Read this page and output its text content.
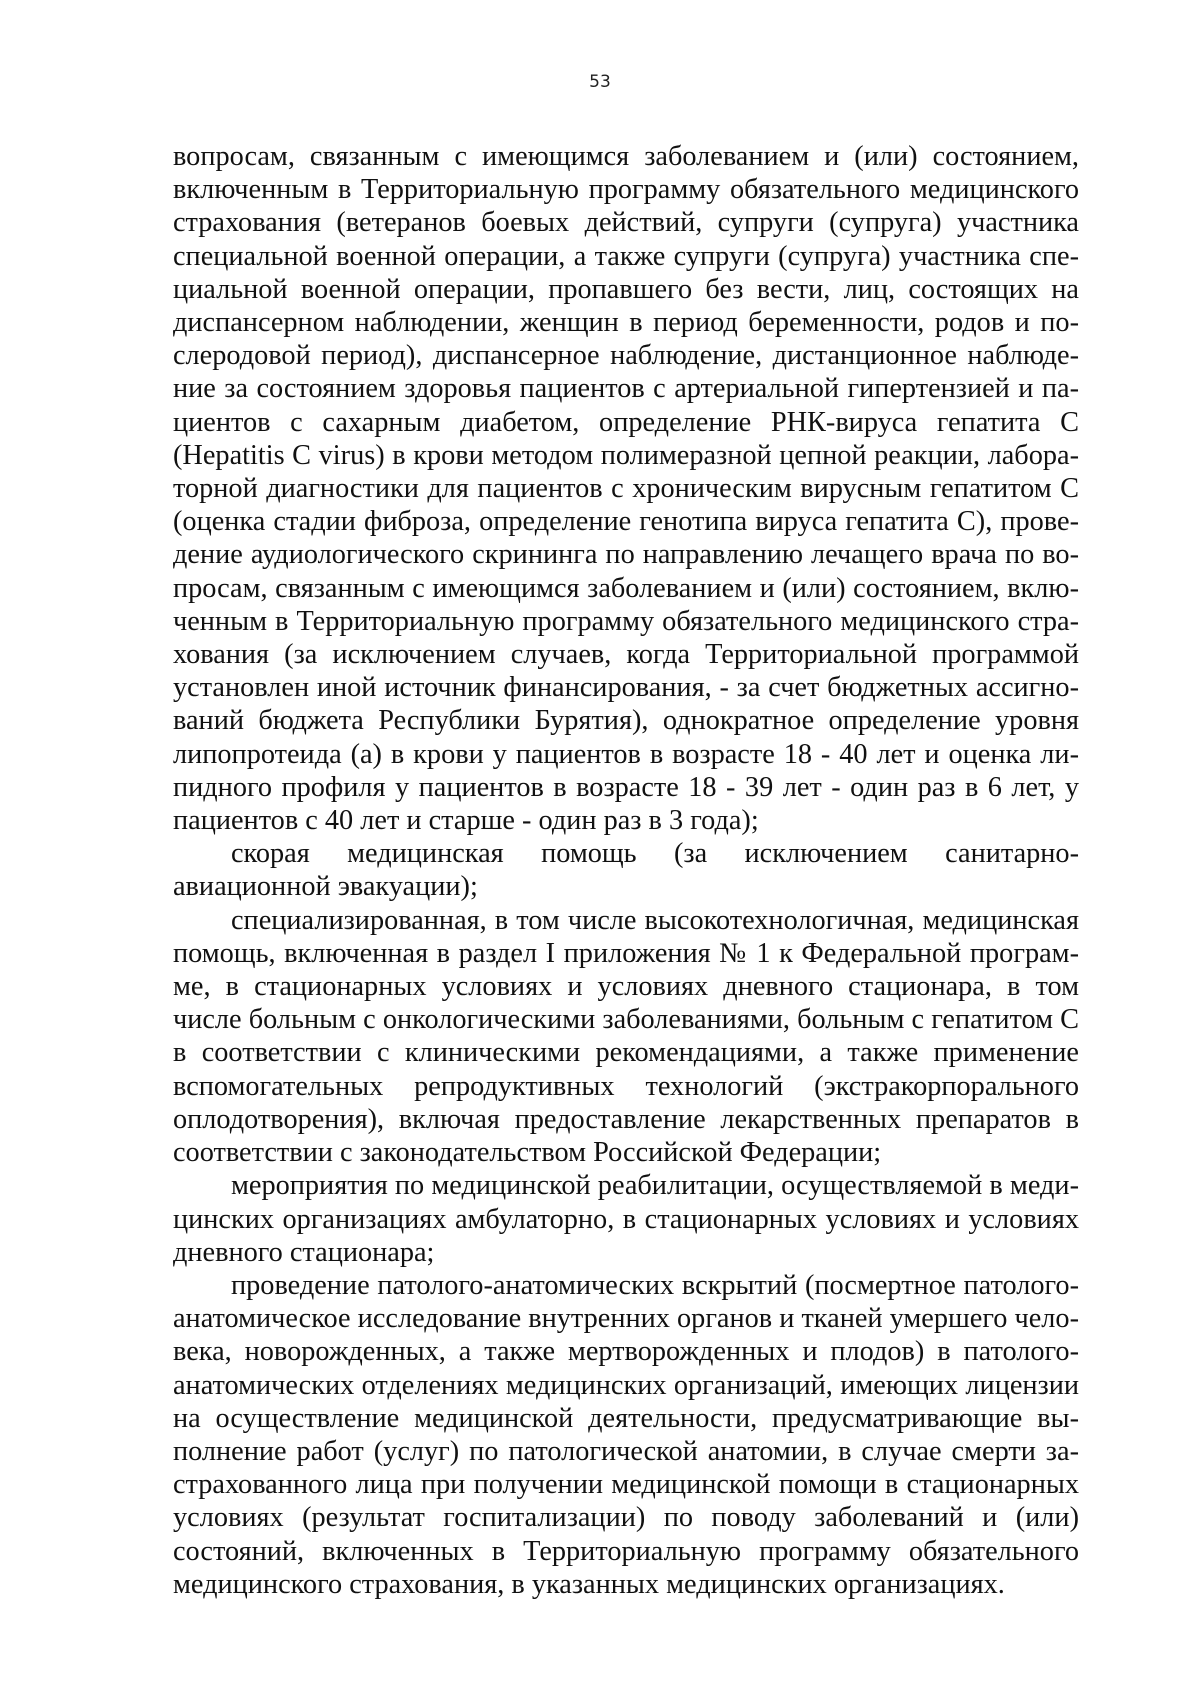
53

вопросам, связанным с имеющимся заболеванием и (или) состоянием, включенным в Территориальную программу обязательного медицинского страхования (ветеранов боевых действий, супруги (супруга) участника специальной военной операции, а также супруги (супруга) участника специальной военной операции, пропавшего без вести, лиц, состоящих на диспансерном наблюдении, женщин в период беременности, родов и послеродовой период), диспансерное наблюдение, дистанционное наблюдение за состоянием здоровья пациентов с артериальной гипертензией и пациентов с сахарным диабетом, определение РНК-вируса гепатита C (Hepatitis C virus) в крови методом полимеразной цепной реакции, лабораторной диагностики для пациентов с хроническим вирусным гепатитом C (оценка стадии фиброза, определение генотипа вируса гепатита C), проведение аудиологического скрининга по направлению лечащего врача по вопросам, связанным с имеющимся заболеванием и (или) состоянием, включенным в Территориальную программу обязательного медицинского страхования (за исключением случаев, когда Территориальной программой установлен иной источник финансирования, - за счет бюджетных ассигнований бюджета Республики Бурятия), однократное определение уровня липопротеида (а) в крови у пациентов в возрасте 18 - 40 лет и оценка липидного профиля у пациентов в возрасте 18 - 39 лет - один раз в 6 лет, у пациентов с 40 лет и старше - один раз в 3 года);

скорая медицинская помощь (за исключением санитарно-авиационной эвакуации);

специализированная, в том числе высокотехнологичная, медицинская помощь, включенная в раздел I приложения № 1 к Федеральной программе, в стационарных условиях и условиях дневного стационара, в том числе больным с онкологическими заболеваниями, больным с гепатитом C в соответствии с клиническими рекомендациями, а также применение вспомогательных репродуктивных технологий (экстракорпорального оплодотворения), включая предоставление лекарственных препаратов в соответствии с законодательством Российской Федерации;

мероприятия по медицинской реабилитации, осуществляемой в медицинских организациях амбулаторно, в стационарных условиях и условиях дневного стационара;

проведение патолого-анатомических вскрытий (посмертное патолого-анатомическое исследование внутренних органов и тканей умершего человека, новорожденных, а также мертворожденных и плодов) в патолого-анатомических отделениях медицинских организаций, имеющих лицензии на осуществление медицинской деятельности, предусматривающие выполнение работ (услуг) по патологической анатомии, в случае смерти застрахованного лица при получении медицинской помощи в стационарных условиях (результат госпитализации) по поводу заболеваний и (или) состояний, включенных в Территориальную программу обязательного медицинского страхования, в указанных медицинских организациях.
